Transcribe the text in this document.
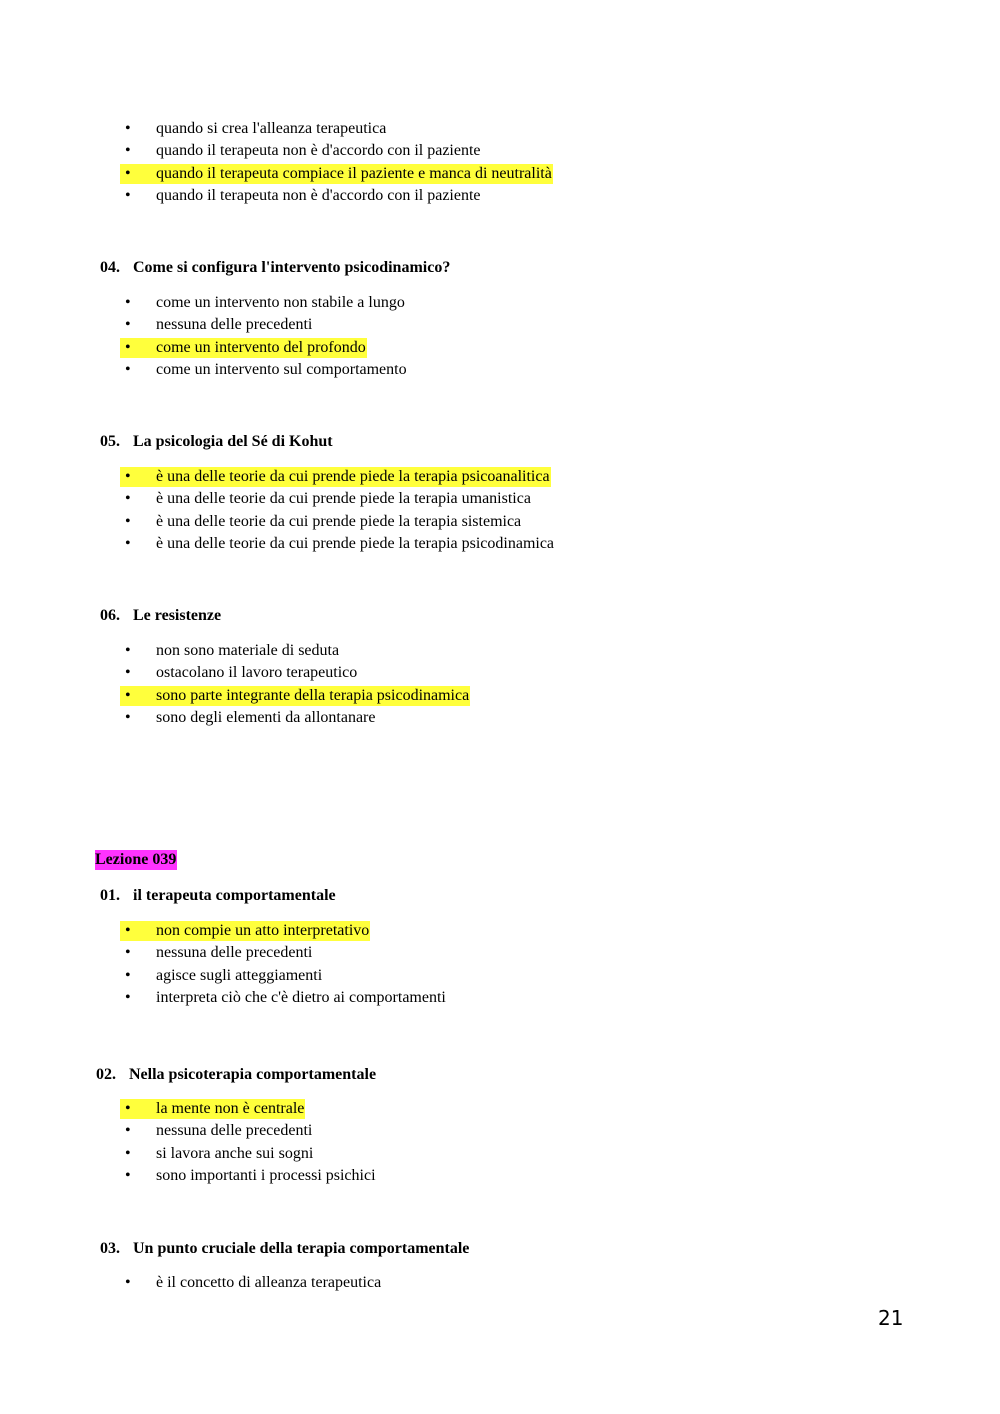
• quando si crea l'alleanza terapeutica
• quando il terapeuta non è d'accordo con il paziente
• quando il terapeuta compiace il paziente e manca di neutralità
• quando il terapeuta non è d'accordo con il paziente
04. Come si configura l'intervento psicodinamico?
• come un intervento non stabile a lungo
• nessuna delle precedenti
• come un intervento del profondo
• come un intervento sul comportamento
05. La psicologia del Sé di Kohut
• è una delle teorie da cui prende piede la terapia psicoanalitica
• è una delle teorie da cui prende piede la terapia umanistica
• è una delle teorie da cui prende piede la terapia sistemica
• è una delle teorie da cui prende piede la terapia psicodinamica
06. Le resistenze
• non sono materiale di seduta
• ostacolano il lavoro terapeutico
• sono parte integrante della terapia psicodinamica
• sono degli elementi da allontanare
Lezione 039
01. il terapeuta comportamentale
• non compie un atto interpretativo
• nessuna delle precedenti
• agisce sugli atteggiamenti
• interpreta ciò che c'è dietro ai comportamenti
02. Nella psicoterapia comportamentale
• la mente non è centrale
• nessuna delle precedenti
• si lavora anche sui sogni
• sono importanti i processi psichici
03. Un punto cruciale della terapia comportamentale
• è il concetto di alleanza terapeutica
21
